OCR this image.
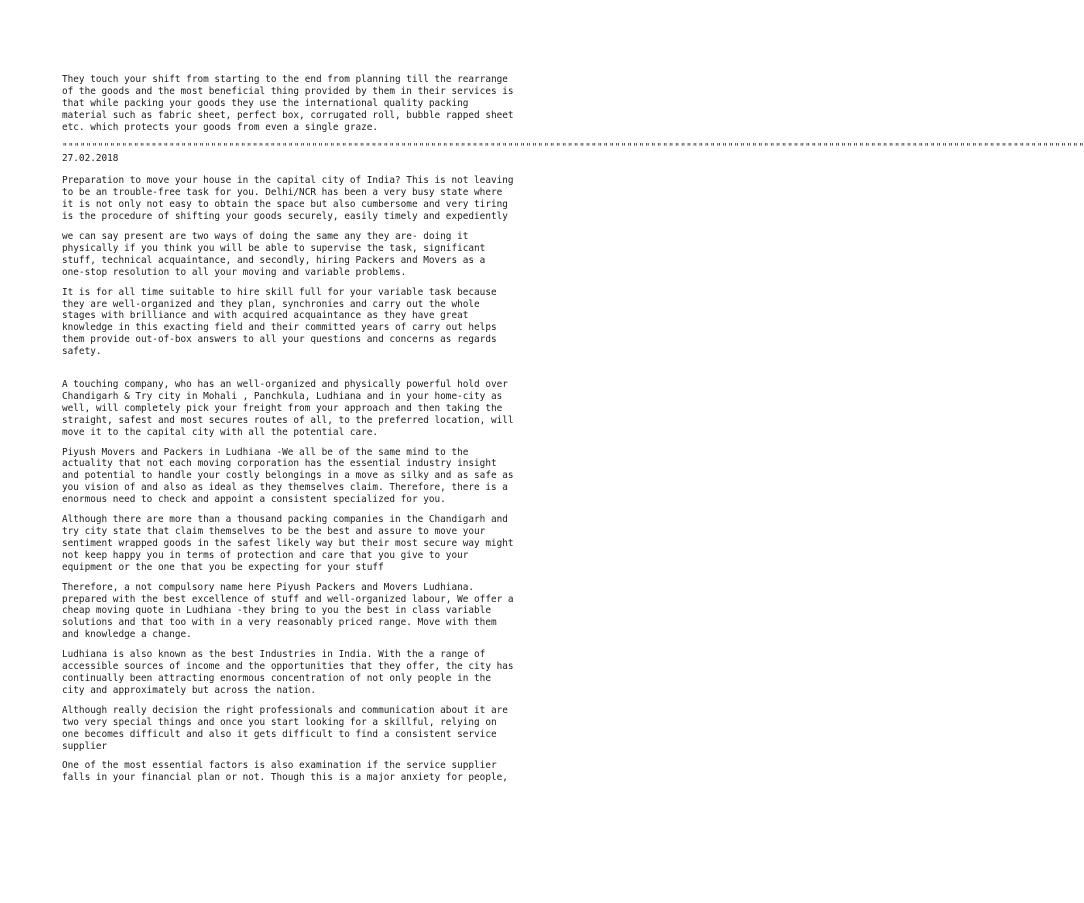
They touch your shift from starting to the end from planning till the rearrange
of the goods and the most beneficial thing provided by them in their services is
that while packing your goods they use the international quality packing
material such as fabric sheet, perfect box, corrugated roll, bubble rapped sheet
etc. which protects your goods from even a single graze.

""""""""""""""""""""""""""""""""""""""""""""""""""""""""""""""""""""""""""""""""""""""""""""""""""""""""""""""""""""""""""""""""""""""""""""""""""""""""""""""""""""""""""""

27.02.2018

Preparation to move your house in the capital city of India? This is not leaving
to be an trouble-free task for you. Delhi/NCR has been a very busy state where
it is not only not easy to obtain the space but also cumbersome and very tiring
is the procedure of shifting your goods securely, easily timely and expediently

we can say present are two ways of doing the same any they are- doing it
physically if you think you will be able to supervise the task, significant
stuff, technical acquaintance, and secondly, hiring Packers and Movers as a
one-stop resolution to all your moving and variable problems.

It is for all time suitable to hire skill full for your variable task because
they are well-organized and they plan, synchronies and carry out the whole
stages with brilliance and with acquired acquaintance as they have great
knowledge in this exacting field and their committed years of carry out helps
them provide out-of-box answers to all your questions and concerns as regards
safety.

A touching company, who has an well-organized and physically powerful hold over
Chandigarh & Try city in Mohali , Panchkula, Ludhiana and in your home-city as
well, will completely pick your freight from your approach and then taking the
straight, safest and most secures routes of all, to the preferred location, will
move it to the capital city with all the potential care.

Piyush Movers and Packers in Ludhiana -We all be of the same mind to the
actuality that not each moving corporation has the essential industry insight
and potential to handle your costly belongings in a move as silky and as safe as
you vision of and also as ideal as they themselves claim. Therefore, there is a
enormous need to check and appoint a consistent specialized for you.

Although there are more than a thousand packing companies in the Chandigarh and
try city state that claim themselves to be the best and assure to move your
sentiment wrapped goods in the safest likely way but their most secure way might
not keep happy you in terms of protection and care that you give to your
equipment or the one that you be expecting for your stuff

Therefore, a not compulsory name here Piyush Packers and Movers Ludhiana.
prepared with the best excellence of stuff and well-organized labour, We offer a
cheap moving quote in Ludhiana -they bring to you the best in class variable
solutions and that too with in a very reasonably priced range. Move with them
and knowledge a change.

Ludhiana is also known as the best Industries in India. With the a range of
accessible sources of income and the opportunities that they offer, the city has
continually been attracting enormous concentration of not only people in the
city and approximately but across the nation.

Although really decision the right professionals and communication about it are
two very special things and once you start looking for a skillful, relying on
one becomes difficult and also it gets difficult to find a consistent service
supplier

One of the most essential factors is also examination if the service supplier
falls in your financial plan or not. Though this is a major anxiety for people,
